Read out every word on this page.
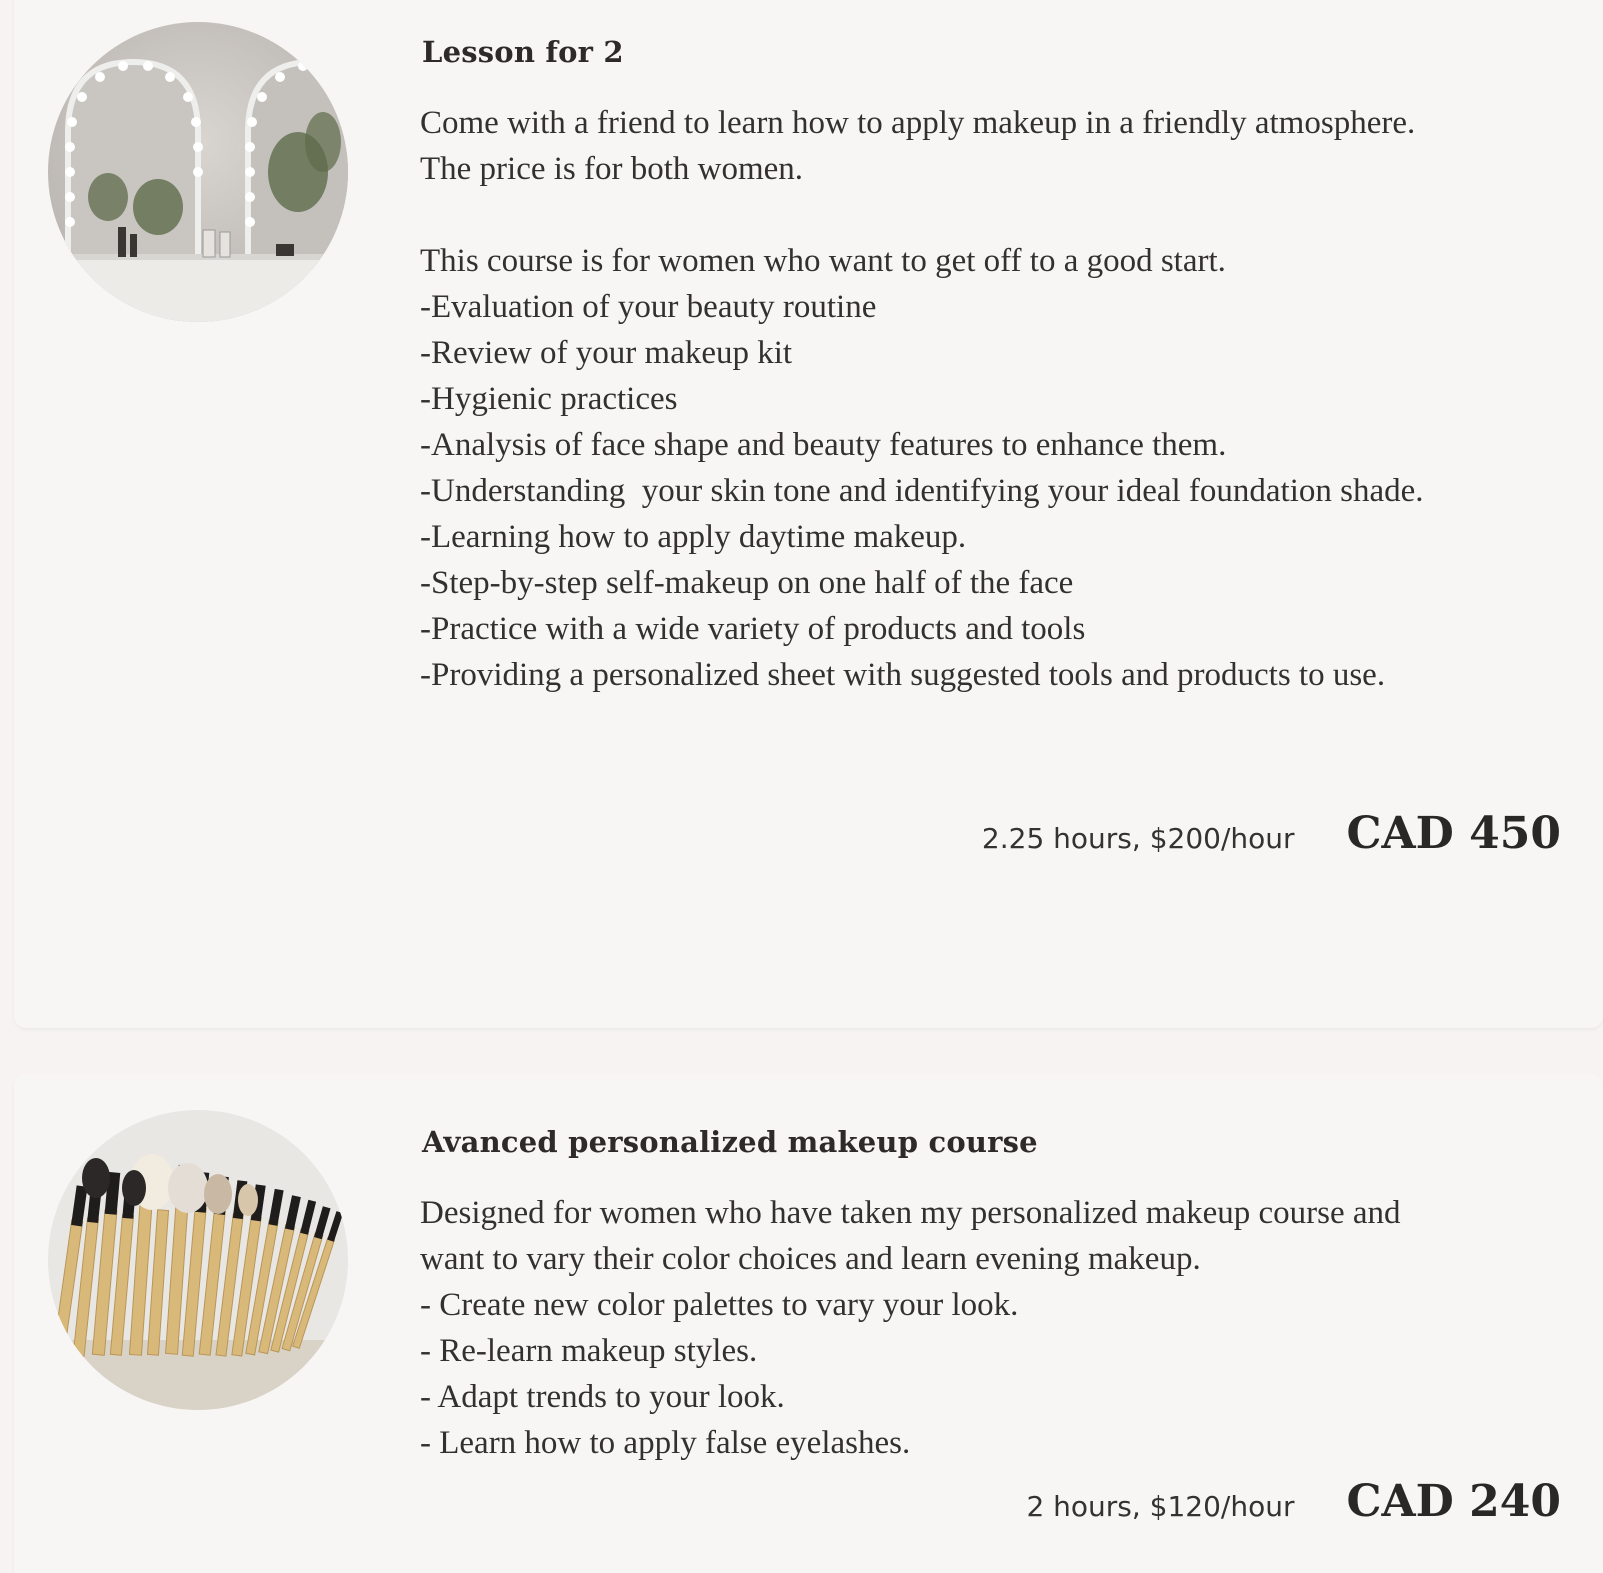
Lesson for 2

Come with a friend to learn how to apply makeup in a friendly atmosphere. The price is for both women.

This course is for women who want to get off to a good start.
-Evaluation of your beauty routine
-Review of your makeup kit
-Hygienic practices
-Analysis of face shape and beauty features to enhance them.
-Understanding  your skin tone and identifying your ideal foundation shade.
-Learning how to apply daytime makeup.
-Step-by-step self-makeup on one half of the face
-Practice with a wide variety of products and tools
-Providing a personalized sheet with suggested tools and products to use.

2.25 hours, $200/hour CAD 450
Avanced personalized makeup course

Designed for women who have taken my personalized makeup course and want to vary their color choices and learn evening makeup.
- Create new color palettes to vary your look.
- Re-learn makeup styles.
- Adapt trends to your look.
- Learn how to apply false eyelashes.

2 hours, $120/hour CAD 240
